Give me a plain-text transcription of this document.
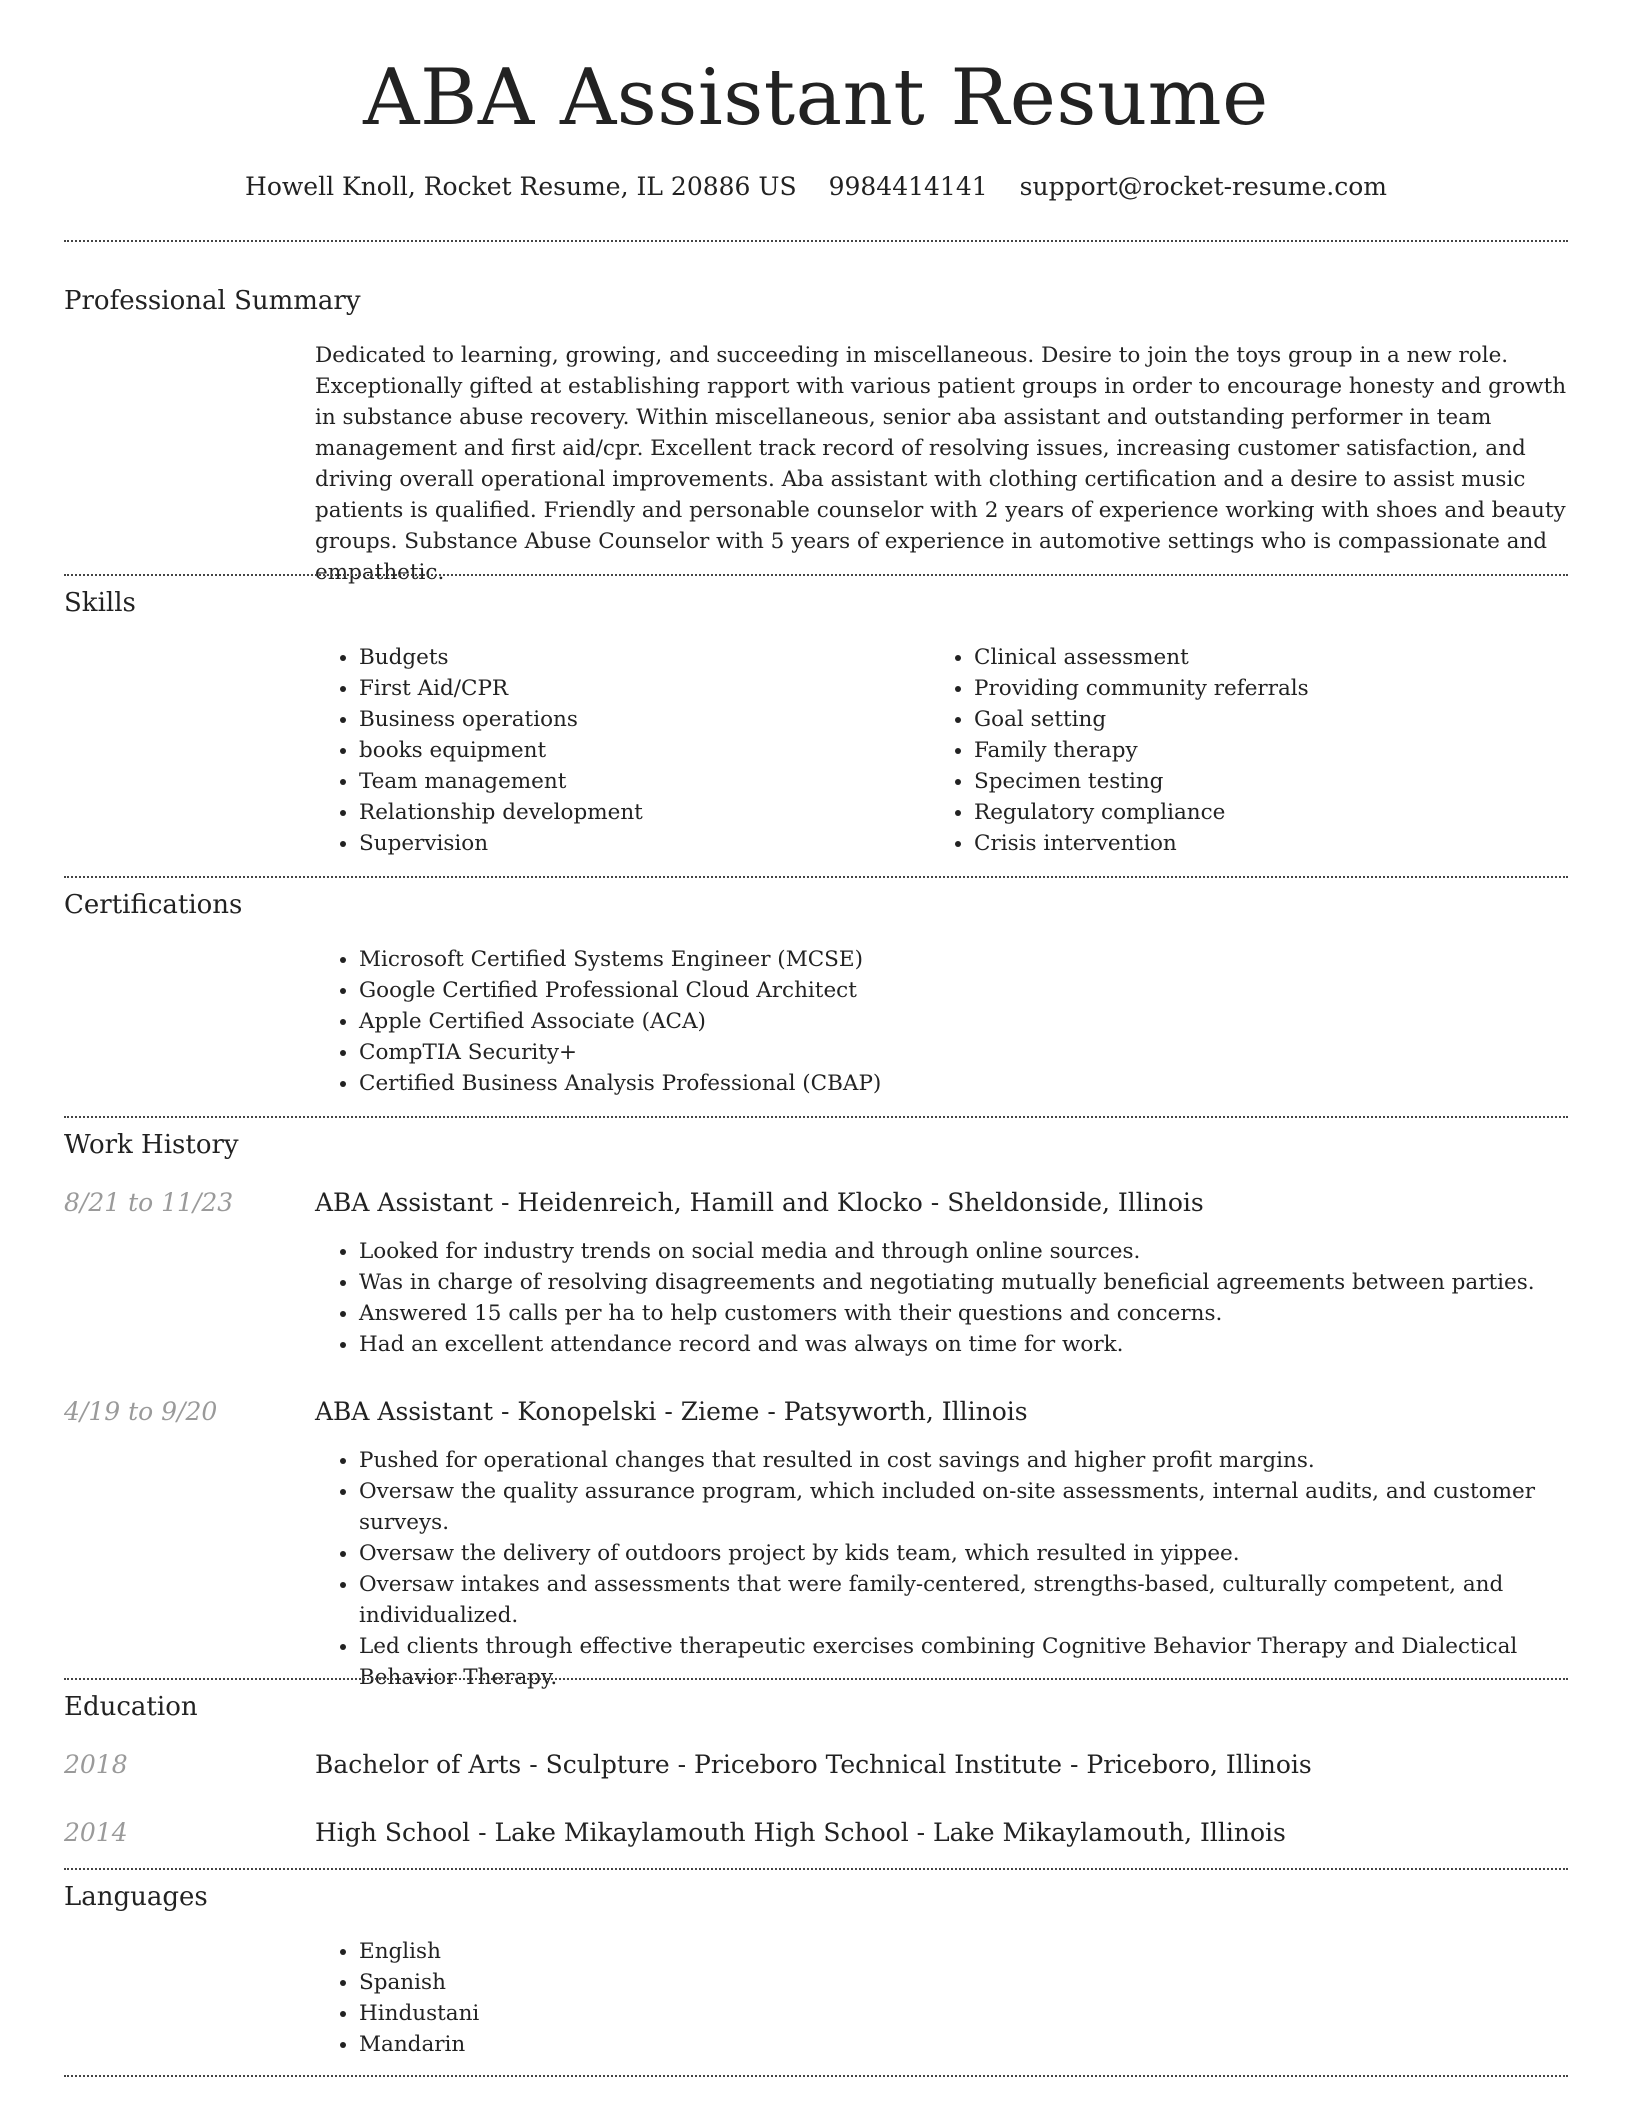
ABA Assistant Resume
Howell Knoll, Rocket Resume, IL 20886 US 9984414141 support@rocket-resume.com
Professional Summary

Dedicated to learning, growing, and succeeding in miscellaneous. Desire to join the toys group in a new role. Exceptionally gifted at establishing rapport with various patient groups in order to encourage honesty and growth in substance abuse recovery. Within miscellaneous, senior aba assistant and outstanding performer in team management and first aid/cpr. Excellent track record of resolving issues, increasing customer satisfaction, and driving overall operational improvements. Aba assistant with clothing certification and a desire to assist music patients is qualified. Friendly and personable counselor with 2 years of experience working with shoes and beauty groups. Substance Abuse Counselor with 5 years of experience in automotive settings who is compassionate and empathetic.

Skills
• Budgets
• First Aid/CPR
• Business operations
• books equipment
• Team management
• Relationship development
• Supervision
• Clinical assessment
• Providing community referrals
• Goal setting
• Family therapy
• Specimen testing
• Regulatory compliance
• Crisis intervention
Certifications
• Microsoft Certified Systems Engineer (MCSE)
• Google Certified Professional Cloud Architect
• Apple Certified Associate (ACA)
• CompTIA Security+
• Certified Business Analysis Professional (CBAP)
Work History
8/21 to 11/23	ABA Assistant - Heidenreich, Hamill and Klocko - Sheldonside, Illinois
• Looked for industry trends on social media and through online sources.
• Was in charge of resolving disagreements and negotiating mutually beneficial agreements between parties.
• Answered 15 calls per ha to help customers with their questions and concerns.
• Had an excellent attendance record and was always on time for work.
4/19 to 9/20	ABA Assistant - Konopelski - Zieme - Patsyworth, Illinois
• Pushed for operational changes that resulted in cost savings and higher profit margins.
• Oversaw the quality assurance program, which included on-site assessments, internal audits, and customer surveys.
• Oversaw the delivery of outdoors project by kids team, which resulted in yippee.
• Oversaw intakes and assessments that were family-centered, strengths-based, culturally competent, and individualized.
• Led clients through effective therapeutic exercises combining Cognitive Behavior Therapy and Dialectical Behavior Therapy.
Education
2018	Bachelor of Arts - Sculpture - Priceboro Technical Institute - Priceboro, Illinois
2014	High School - Lake Mikaylamouth High School - Lake Mikaylamouth, Illinois
Languages
• English
• Spanish
• Hindustani
• Mandarin
